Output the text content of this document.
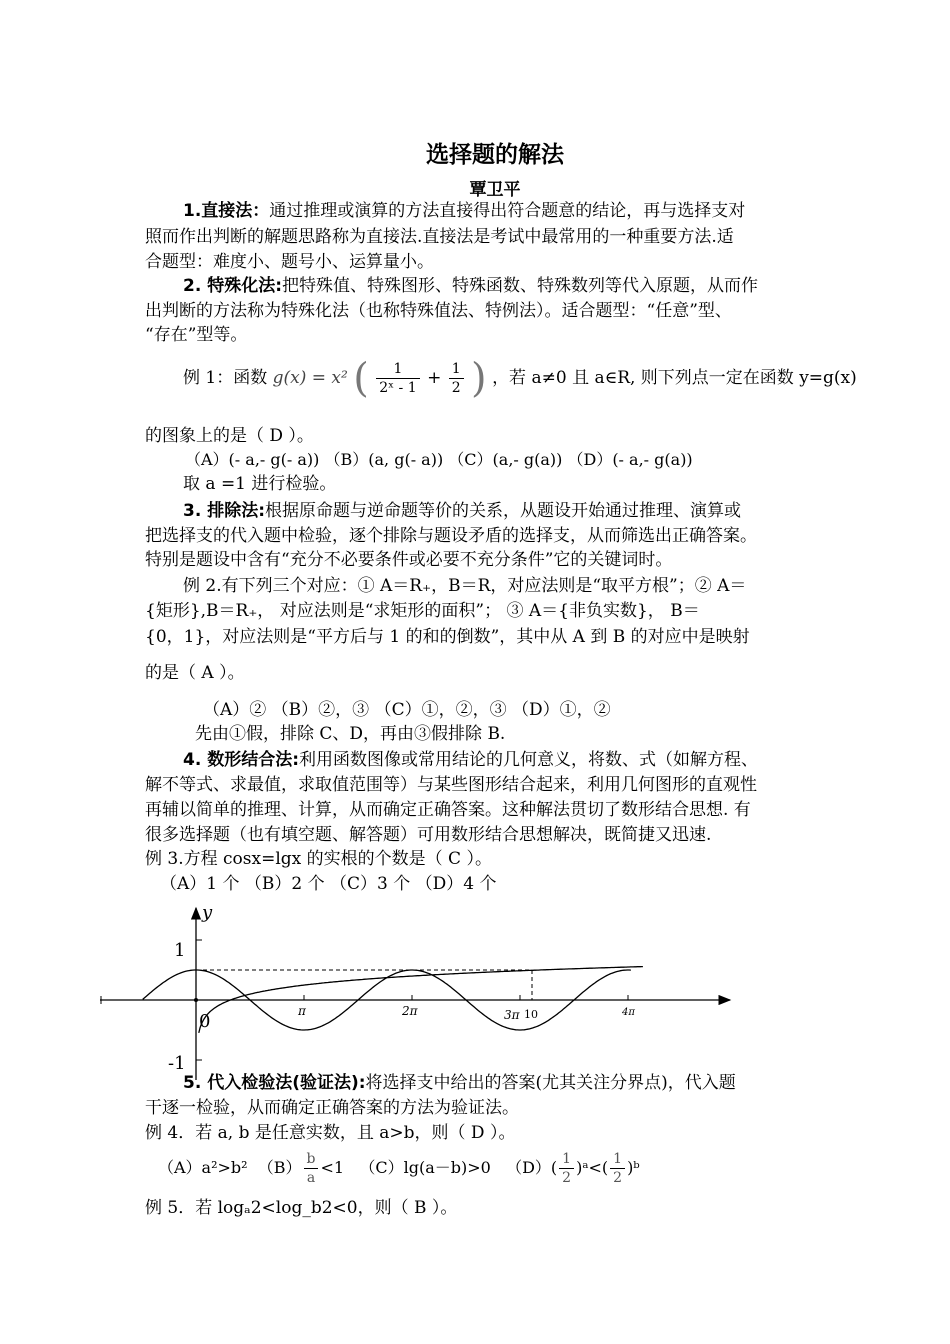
选择题的解法
覃卫平
1.直接法：通过推理或演算的方法直接得出符合题意的结论，再与选择支对
照而作出判断的解题思路称为直接法.直接法是考试中最常用的一种重要方法.适
合题型：难度小、题号小、运算量小。
2. 特殊化法:把特殊值、特殊图形、特殊函数、特殊数列等代入原题，从而作
出判断的方法称为特殊化法（也称特殊值法、特例法）。适合题型：“任意”型、
“存在”型等。
例 1：函数 g(x) = x² ( $\frac{1}{\text{2ˣ - 1}} + \frac{1}{2}$ ) ，若 a≠0 且 a∈R, 则下列点一定在函数 y=g(x)
的图象上的是（ D ）。
（A）(- a,- g(- a)) （B）(a, g(- a)) （C）(a,- g(a)) （D）(- a,- g(a))
取 a =1 进行检验。
3. 排除法:根据原命题与逆命题等价的关系，从题设开始通过推理、演算或
把选择支的代入题中检验，逐个排除与题设矛盾的选择支，从而筛选出正确答案。
特别是题设中含有“充分不必要条件或必要不充分条件”它的关键词时。
例 2.有下列三个对应：① A＝R₊，B＝R，对应法则是“取平方根”；② A＝
{矩形},B＝R₊， 对应法则是“求矩形的面积”； ③ A＝{非负实数}， B＝
{0，1}，对应法则是“平方后与 1 的和的倒数”，其中从 A 到 B 的对应中是映射
的是（ A ）。
（A）② （B）②，③ （C）①，②，③ （D）①，②
先由①假，排除 C、D，再由③假排除 B.
4. 数形结合法:利用函数图像或常用结论的几何意义，将数、式（如解方程、
解不等式、求最值，求取值范围等）与某些图形结合起来，利用几何图形的直观性
再辅以简单的推理、计算，从而确定正确答案。这种解法贯切了数形结合思想. 有
很多选择题（也有填空题、解答题）可用数形结合思想解决，既简捷又迅速.
例 3.方程 cosx=lgx 的实根的个数是（ C ）。
（A）1 个 （B）2 个 （C）3 个 （D）4 个
y
1
0
-1
π	2π	3π 10	4π
5. 代入检验法(验证法):将选择支中给出的答案(尤其关注分界点)，代入题
干逐一检验，从而确定正确答案的方法为验证法。
例 4．若 a, b 是任意实数，且 a>b，则（ D ）。
（A）a²>b² $(B) \frac{b}{a} <1$ （C）lg(a－b)>0 $(D)( \frac{1}{2}$ )ᵃ<( $\frac{1}{2}$ )ᵇ
例 5．若 logₐ2<log_b2<0，则（ B ）。
